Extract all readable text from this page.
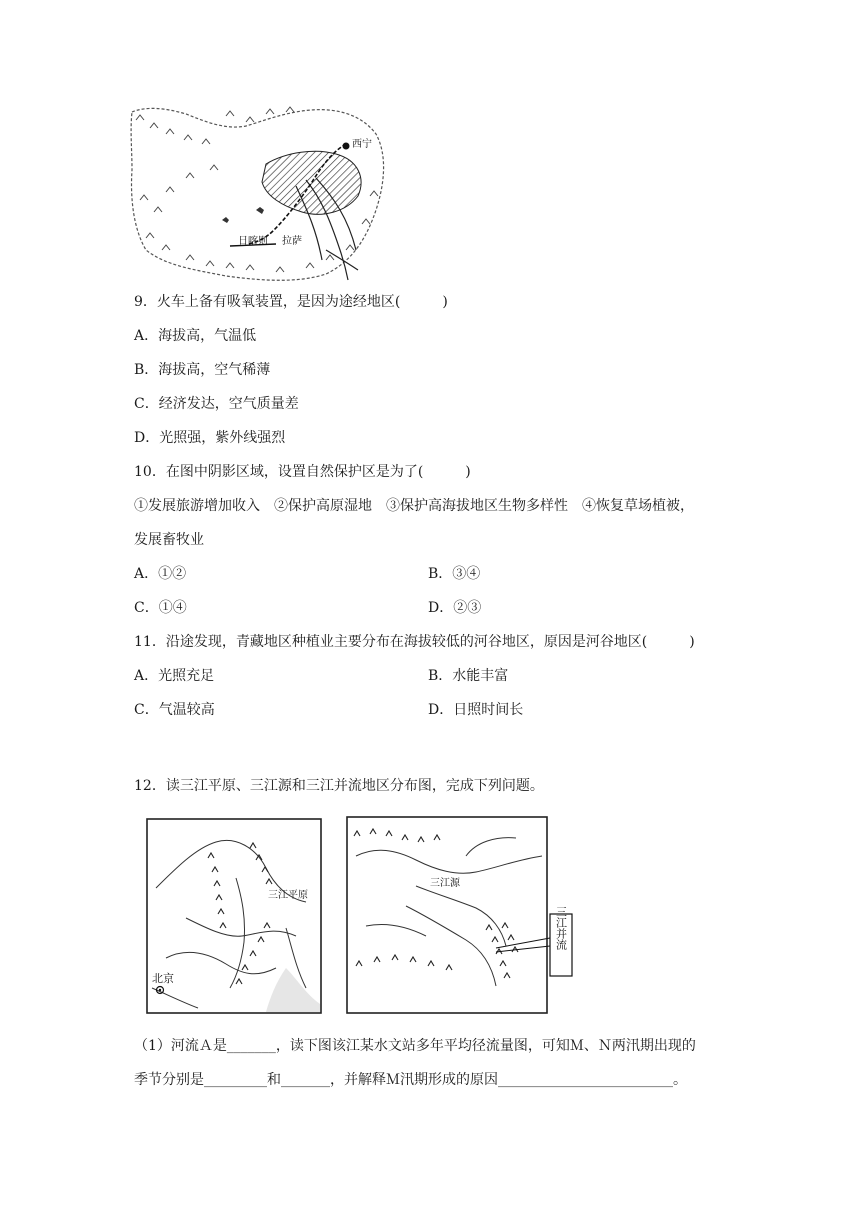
西宁
日喀则 拉萨
9．火车上备有吸氧装置，是因为途经地区(　　　)
A．海拔高，气温低
B．海拔高，空气稀薄
C．经济发达，空气质量差
D．光照强，紫外线强烈
10．在图中阴影区域，设置自然保护区是为了(　　　)
①发展旅游增加收入　②保护高原湿地　③保护高海拔地区生物多样性　④恢复草场植被，
发展畜牧业
A．①②	B．③④
C．①④	D．②③
11．沿途发现，青藏地区种植业主要分布在海拔较低的河谷地区，原因是河谷地区(　　　)
A．光照充足	B．水能丰富
C．气温较高	D．日照时间长
12．读三江平原、三江源和三江并流地区分布图，完成下列问题。
三江平原
北京
三江源
三江并流
（1）河流Ａ是_______，读下图该江某水文站多年平均径流量图，可知Ｍ、Ｎ两汛期出现的
季节分别是_________和_______，并解释Ｍ汛期形成的原因_________________________。
